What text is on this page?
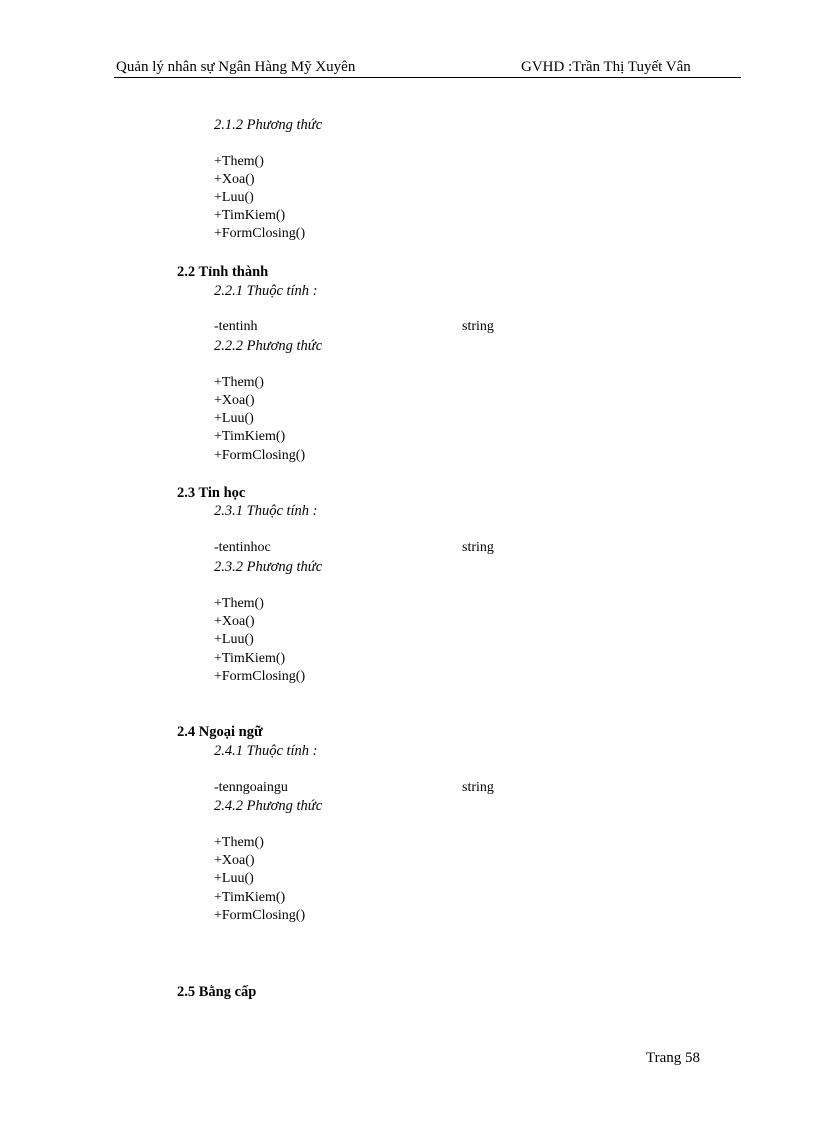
Quản lý nhân sự Ngân Hàng Mỹ Xuyên	GVHD :Trần Thị Tuyết Vân
2.1.2 Phương thức
+Them()
+Xoa()
+Luu()
+TimKiem()
+FormClosing()
2.2 Tỉnh thành
2.2.1 Thuộc tính :
-tentinh	string
2.2.2 Phương thức
+Them()
+Xoa()
+Luu()
+TimKiem()
+FormClosing()
2.3 Tin học
2.3.1 Thuộc tính :
-tentinhoc	string
2.3.2 Phương thức
+Them()
+Xoa()
+Luu()
+TimKiem()
+FormClosing()
2.4 Ngoại ngữ
2.4.1 Thuộc tính :
-tenngoaingu	string
2.4.2 Phương thức
+Them()
+Xoa()
+Luu()
+TimKiem()
+FormClosing()
2.5 Bằng cấp
Trang 58
